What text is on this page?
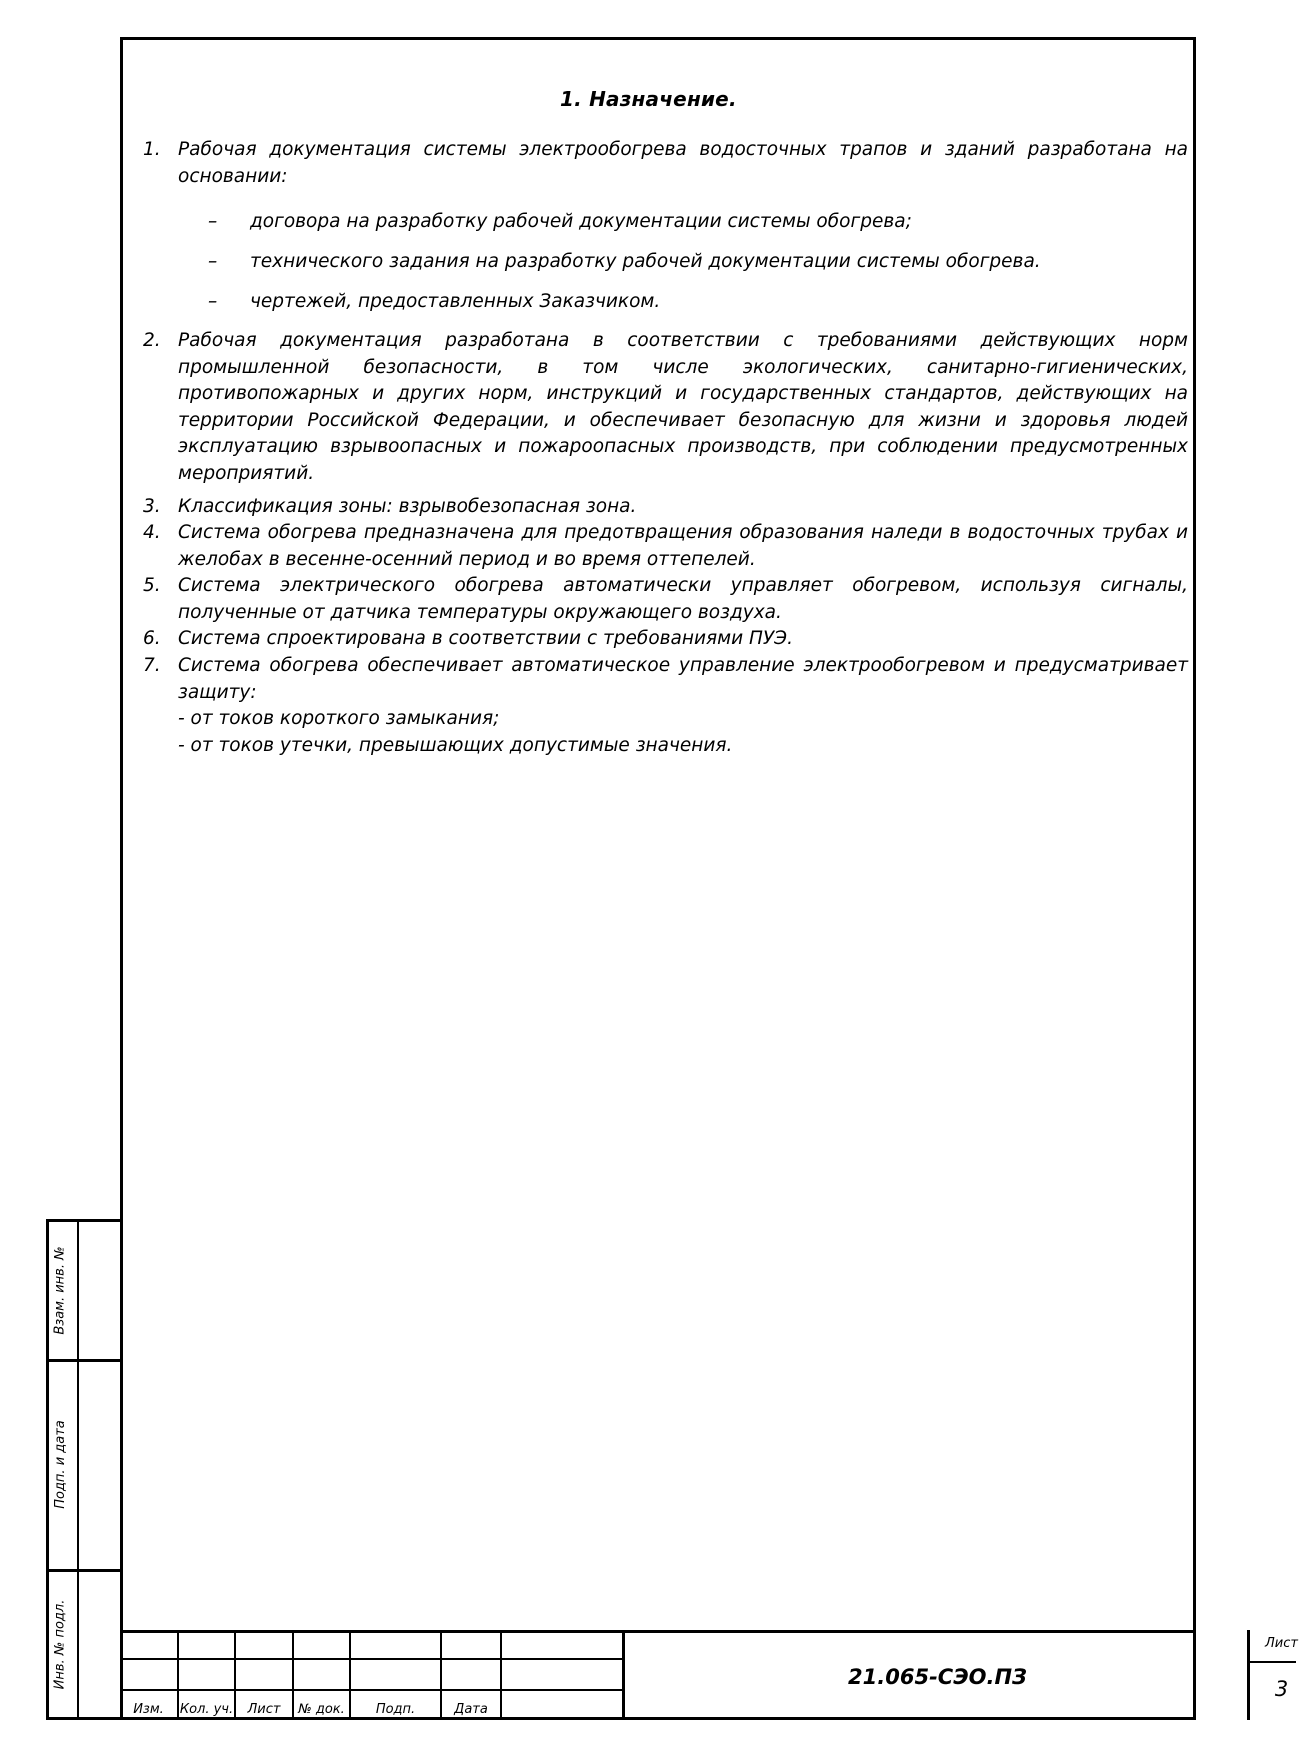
1. Назначение.
1. Рабочая документация системы электрообогрева водосточных трапов и зданий разработана на основании:
– договора на разработку рабочей документации системы обогрева;
– технического задания на разработку рабочей документации системы обогрева.
– чертежей, предоставленных Заказчиком.
2. Рабочая документация разработана в соответствии с требованиями действующих норм промышленной безопасности, в том числе экологических, санитарно-гигиенических, противопожарных и других норм, инструкций и государственных стандартов, действующих на территории Российской Федерации, и обеспечивает безопасную для жизни и здоровья людей эксплуатацию взрывоопасных и пожароопасных производств, при соблюдении предусмотренных мероприятий.
3. Классификация зоны: взрывобезопасная зона.
4. Система обогрева предназначена для предотвращения образования наледи в водосточных трубах и желобах в весенне-осенний период и во время оттепелей.
5. Система электрического обогрева автоматически управляет обогревом, используя сигналы, полученные от датчика температуры окружающего воздуха.
6. Система спроектирована в соответствии с требованиями ПУЭ.
7. Система обогрева обеспечивает автоматическое управление электрообогревом и предусматривает защиту:
- от токов короткого замыкания;
- от токов утечки, превышающих допустимые значения.
Взам. инв. №
Подп. и дата
Инв. № подл.
Изм.	Кол. уч.	Лист	№ док.	Подп.	Дата
21.065-СЭО.ПЗ
Лист
3
